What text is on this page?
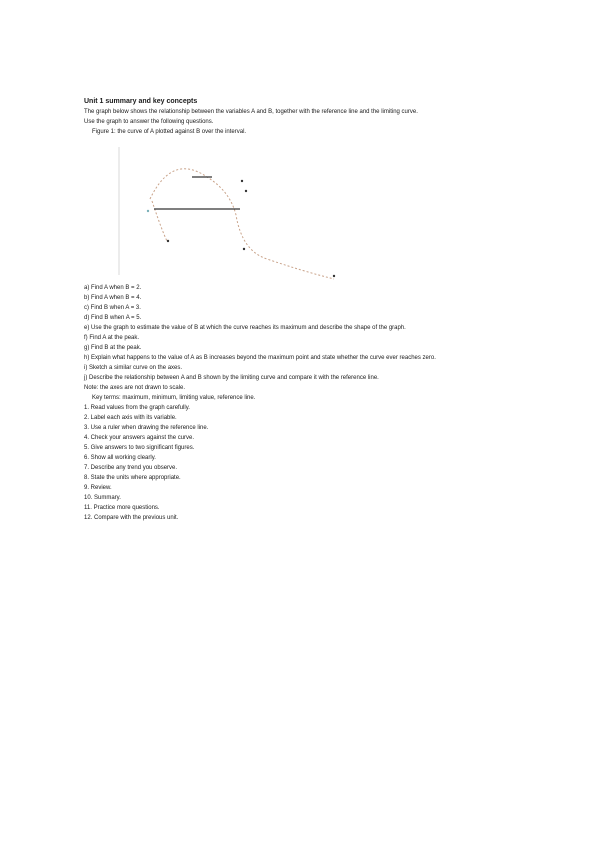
Unit 1 summary and key concepts

The graph below shows the relationship between the variables A and B, together with the reference line and the limiting curve.

Use the graph to answer the following questions.

Figure 1: the curve of A plotted against B over the interval.

a) Find A when B = 2.

b) Find A when B = 4.

c) Find B when A = 3.

d) Find B when A = 5.

e) Use the graph to estimate the value of B at which the curve reaches its maximum and describe the shape of the graph.

f) Find A at the peak.

g) Find B at the peak.

h) Explain what happens to the value of A as B increases beyond the maximum point and state whether the curve ever reaches zero.

i) Sketch a similar curve on the axes.

j) Describe the relationship between A and B shown by the limiting curve and compare it with the reference line.

Note: the axes are not drawn to scale.

Key terms: maximum, minimum, limiting value, reference line.

1. Read values from the graph carefully.

2. Label each axis with its variable.

3. Use a ruler when drawing the reference line.

4. Check your answers against the curve.

5. Give answers to two significant figures.

6. Show all working clearly.

7. Describe any trend you observe.

8. State the units where appropriate.

9. Review.

10. Summary.

11. Practice more questions.

12. Compare with the previous unit.
